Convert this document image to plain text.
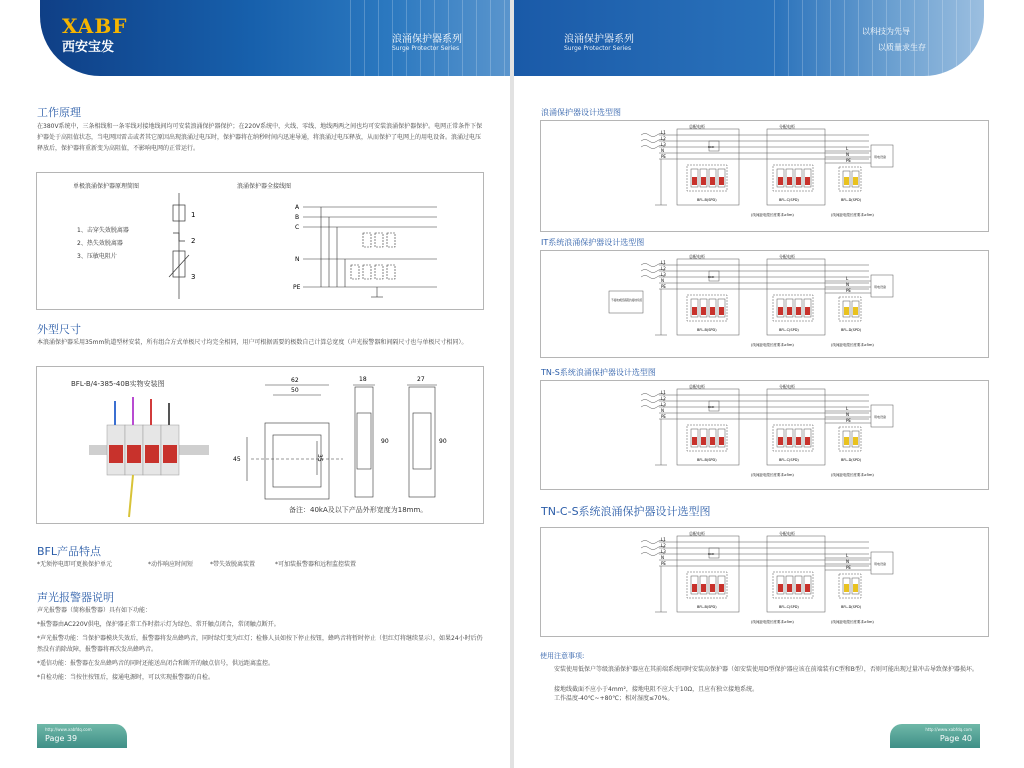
XABF
西安宝发
浪涌保护器系列
Surge Protector Series
浪涌保护器系列
Surge Protector Series
以科技为先导
以质量求生存
工作原理
在380V系统中，三条相线和一条零线对接地线间均可安装浪涌保护器保护；在220V系统中，火线、零线、地线两两之间也均可安装浪涌保护器保护。电网正常条件下保护器处于高阻值状态，当电网因雷击或者其它原因出现浪涌过电压时，保护器将在纳秒时间内迅速导通，将浪涌过电压释放，从而保护了电网上的用电设备。浪涌过电压释放后，保护器将重新变为高阻值，不影响电网的正常运行。
单极浪涌保护器原理简图	浪涌保护器全接线图
1、击穿失效脱离器
2、热失效脱离器
3、压敏电阻片
1
2
3
A
B
C
N
PE
外型尺寸
本浪涌保护器采用35mm轨道型材安装，所有组合方式单极尺寸均完全相同，用户可根据需要的极数自己计算总宽度（声光报警器和间隔尺寸也与单极尺寸相同）。
BFL-B/4-385-40B实物安装图	62
50
45	35
18	27
90	90
备注：40kA及以下产品外形宽度为18mm。
BFL产品特点
*无须停电即可更换保护单元	*动作响应时间短	*带失效脱离装置	*可加装报警器和远程监控装置
声光报警器说明
声光报警器（简称报警器）具有如下功能：
*报警器由AC220V供电，保护器正常工作时指示灯为绿色、常开触点闭合，常闭触点断开。
*声光报警功能：当保护器模块失效后，报警器将发出蜂鸣音，同时绿灯变为红灯；检修人员如按下停止按钮，蜂鸣音将暂时停止（但红灯将继续显示），如果24小时后仍然没有消除故障，报警器将再次发出蜂鸣音。
*遥信功能：报警器在发出蜂鸣音的同时还能送出闭合和断开的触点信号，供远距离监控。
*自检功能：当按住按钮后，接通电源时，可以实现报警器的自检。
http://www.xabfdq.com
Page 39
浪涌保护器设计选型图
L1
L2
L3
N
PE
总配电柜
RCD
分配电柜
L
N
PE
用电设备
BFL-B(SPD)	BFL-C(SPD)	BFL-D(SPD)
(线间距电缆长度要求≥5m)	(线间距电缆长度要求≥5m)
IT系统浪涌保护器设计选型图
L1
L2
L3
N
PE
总配电柜
RCD
分配电柜
L
N
PE
用电设备
BFL-B(SPD)	BFL-C(SPD)	BFL-D(SPD)
(线间距电缆长度要求≥5m)	(线间距电缆长度要求≥5m)
不接地或经高阻抗接地系统
TN-S系统浪涌保护器设计选型图
L1
L2
L3
N
PE
总配电柜
RCD
分配电柜
L
N
PE
用电设备
BFL-B(SPD)	BFL-C(SPD)	BFL-D(SPD)
(线间距电缆长度要求≥5m)	(线间距电缆长度要求≥5m)
TN-C-S系统浪涌保护器设计选型图
L1
L2
L3
N
PE
总配电柜
RCD
分配电柜
L
N
PE
用电设备
BFL-B(SPD)	BFL-C(SPD)	BFL-D(SPD)
(线间距电缆长度要求≥5m)	(线间距电缆长度要求≥5m)
使用注意事项:
安装使用低保户等级浪涌保护器应在其前端系统同时安装高保护器（如安装使用D型保护器应该在前端装有C型和B型），否则可能出现过量冲击导致保护器损坏。
接地线截面不应小于4mm²，接地电阻不应大于10Ω，且应有独立接地系统。
工作温度-40℃~+80℃；相对湿度≤70%。
http://www.xabfdq.com
Page 40
